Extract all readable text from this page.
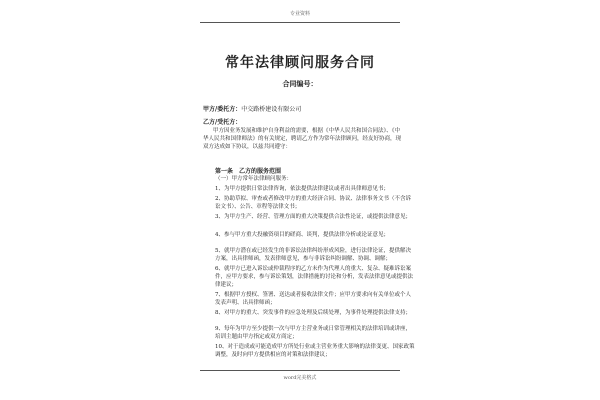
专业资料
常年法律顾问服务合同
合同编号：
甲方/委托方：中交路桥建设有限公司
乙方/受托方：
甲方因业务发展和维护自身利益的需要，根据《中华人民共和国合同法》、《中华人民共和国律师法》的有关规定，聘请乙方作为常年法律顾问，经友好协商，现双方达成如下协议，以兹共同遵守：
第一条　乙方的服务范围
（一）甲方常年法律顾问服务：
1、为甲方提供日常法律咨询，依法提供法律建议或者出具律师意见书；
2、协助草拟、审查或者修改甲方的重大经济合同、协议、法律事务文书（不含诉讼文书）、公告、章程等法律文书；
3、为甲方生产、经营、管理方面的重大决策提供合法性论证，或提供法律意见；
4、参与甲方重大投融资项目的磋商、谈判，提供法律分析或论证意见；
5、就甲方潜在或已经发生的非诉讼法律纠纷形成风险，进行法律论证，提供解决方案，出具律师函，发表律师意见，参与非诉讼纠纷调解、协调、调解；
6、就甲方已进入诉讼或仲裁程序的乙方未作为代理人的重大、复杂、疑难诉讼案件，应甲方要求，参与诉讼策划，法律措施的讨论和分析，发表法律意见或提供法律建议；
7、根据甲方授权、签署、送达或者接收法律文件；应甲方要求向有关单位或个人发表声明、出具律师函；
8、对甲方的重大、突发事件的应急处理及后续处理，为事件处理提供法律支持；
9、每年为甲方至少提供一次与甲方主营业务或日常管理相关的法律培训或讲座，培训主题由甲方指定或双方商定；
10、对于造成或可能造成甲方所处行业或主营业务重大影响的法律变更、国家政策调整，及时向甲方提供相应的对策和法律建议；
word完美格式
